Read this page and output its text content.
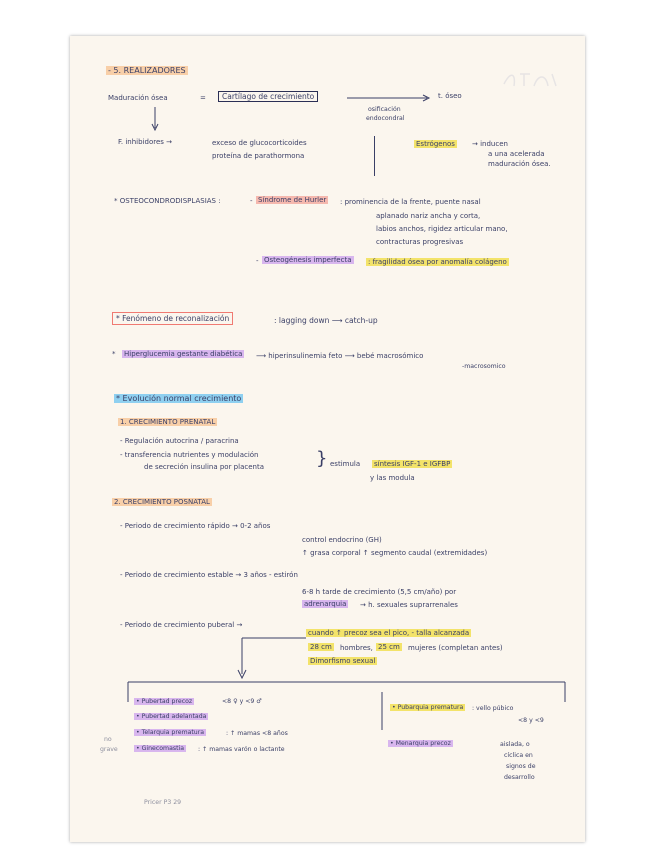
- 5. REALIZADORES
Maduración ósea	=	Cartílago de crecimiento	t. óseo
osificación
endocondral
F. inhibidores →	exceso de glucocorticoides
proteína de parathormona
Estrógenos → inducen
a una acelerada
maduración ósea.
* OSTEOCONDRODISPLASIAS :	- Síndrome de Hurler : prominencia de la frente, puente nasal
aplanado nariz ancha y corta,
labios anchos, rigidez articular mano,
contracturas progresivas
- Osteogénesis imperfecta : fragilidad ósea por anomalía colágeno
* Fenómeno de reconalización	: lagging down ⟶ catch-up
* Hiperglucemia gestante diabética ⟶ hiperinsulinemia feto ⟶ bebé macrosómico
-macrosomico
* Evolución normal crecimiento
1. CRECIMIENTO PRENATAL
- Regulación autocrina / paracrina
- transferencia nutrientes y modulación
de secreción insulina por placenta	} estimula síntesis IGF-1 e IGFBP
y las modula
2. CRECIMIENTO POSNATAL
- Periodo de crecimiento rápido → 0-2 años
control endocrino (GH)
↑ grasa corporal ↑ segmento caudal (extremidades)
- Periodo de crecimiento estable → 3 años - estirón
6-8 h tarde de crecimiento (5,5 cm/año) por
adrenarquia → h. sexuales suprarrenales
- Periodo de crecimiento puberal →
cuando ↑ precoz sea el pico, - talla alcanzada
28 cm hombres, 25 cm mujeres (completan antes)
Dimorfismo sexual
• Pubertad precoz	<8 ♀ y <9 ♂
• Pubertad adelantada
• Telarquia prematura	: ↑ mamas <8 años
• Ginecomastia	: ↑ mamas varón o lactante
no
grave
• Pubarquia prematura	: vello púbico
<8 y <9
• Menarquia precoz	aislada, o
cíclica en
signos de
desarrollo
Pricer P3 29
